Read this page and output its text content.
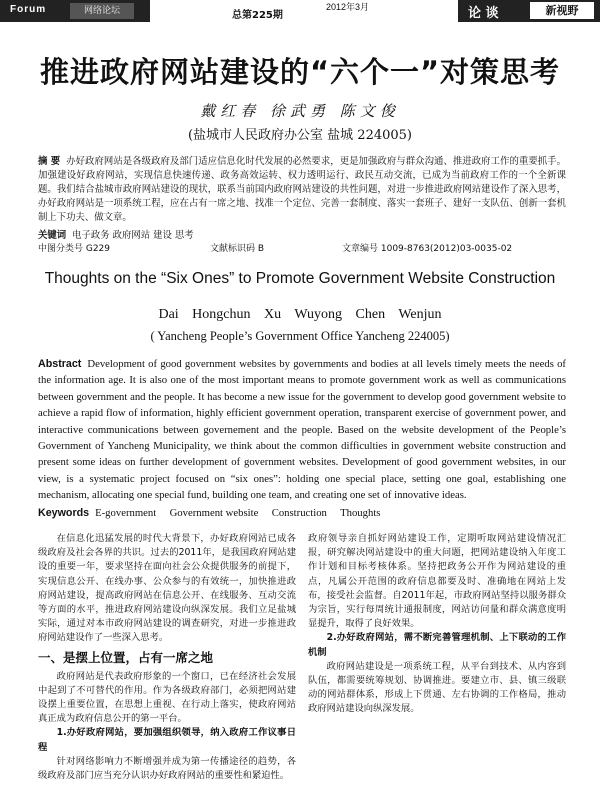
Forum	网络论坛	总第225期
2012年3月	论 谈	新视野
推进政府网站建设的“六个一”对策思考
戴红春 徐武勇 陈文俊
(盐城市人民政府办公室 盐城 224005)
摘 要 办好政府网站是各级政府及部门适应信息化时代发展的必然要求，更是加强政府与群众沟通、推进政府工作的重要抓手。加强建设好政府网站，实现信息快速传递、政务高效运转、权力透明运行、政民互动交流，已成为当前政府工作的一个全新课题。我们结合盐城市政府网站建设的现状，联系当前国内政府网站建设的共性问题，对进一步推进政府网站建设作了深入思考，办好政府网站是一项系统工程，应在占有一席之地、找准一个定位、完善一套制度、落实一套班子、建好一支队伍、创新一套机制上下功夫、做文章。
关键词 电子政务 政府网站 建设 思考
中图分类号 G229	文献标识码 B	文章编号 1009-8763(2012)03-0035-02
Thoughts on the “Six Ones” to Promote Government Website Construction
Dai Hongchun Xu Wuyong Chen Wenjun
( Yancheng People’s Government Office Yancheng 224005)
Abstract Development of good government websites by governments and bodies at all levels timely meets the needs of the information age. It is also one of the most important means to promote government work as well as communications between government and the people. It has become a new issue for the government to develop good government website to achieve a rapid flow of information, highly efficient government operation, transparent exercise of government power, and interactive communications between governement and the people. Based on the website development of the People’s Government of Yancheng Municipality, we think about the common difficulties in government website construction and present some ideas on further development of government websites. Development of good government websites, in our view, is a systematic project focused on “six ones”: holding one special place, setting one goal, establishing one mechanism, allocating one special fund, building one team, and creating one set of innovative ideas.
Keywords E-government     Government website     Construction     Thoughts

在信息化迅猛发展的时代大背景下，办好政府网站已成各级政府及社会各界的共识。过去的2011年，是我国政府网站建设的重要一年，要求坚持在面向社会公众提供服务的前提下，实现信息公开、在线办事、公众参与的有效统一，加快推进政府网站建设，提高政府网站在信息公开、在线服务、互动交流等方面的水平，推进政府网站建设向纵深发展。我们立足盐城实际，通过对本市政府网站建设的调查研究，对进一步推进政府网站建设作了一些深入思考。

一、是摆上位置，占有一席之地

政府网站是代表政府形象的一个窗口，已在经济社会发展中起到了不可替代的作用。作为各级政府部门，必须把网站建设摆上重要位置，在思想上重视、在行动上落实，使政府网站真正成为政府信息公开的第一平台。

1.办好政府网站，要加强组织领导，纳入政府工作议事日程

针对网络影响力不断增强并成为第一传播途径的趋势，各级政府及部门应当充分认识办好政府网站的重要性和紧迫性。

政府领导亲自抓好网站建设工作，定期听取网站建设情况汇报，研究解决网站建设中的重大问题，把网站建设纳入年度工作计划和目标考核体系。坚持把政务公开作为网站建设的重点，凡属公开范围的政府信息都要及时、准确地在网站上发布，接受社会监督。自2011年起，市政府网站坚持以服务群众为宗旨，实行每周统计通报制度，网站访问量和群众满意度明显提升，取得了良好效果。

2.办好政府网站，需不断完善管理机制、上下联动的工作机制

政府网站建设是一项系统工程，从平台到技术、从内容到队伍，都需要统筹规划、协调推进。要建立市、县、镇三级联动的网站群体系，形成上下贯通、左右协调的工作格局，推动政府网站建设向纵深发展。
